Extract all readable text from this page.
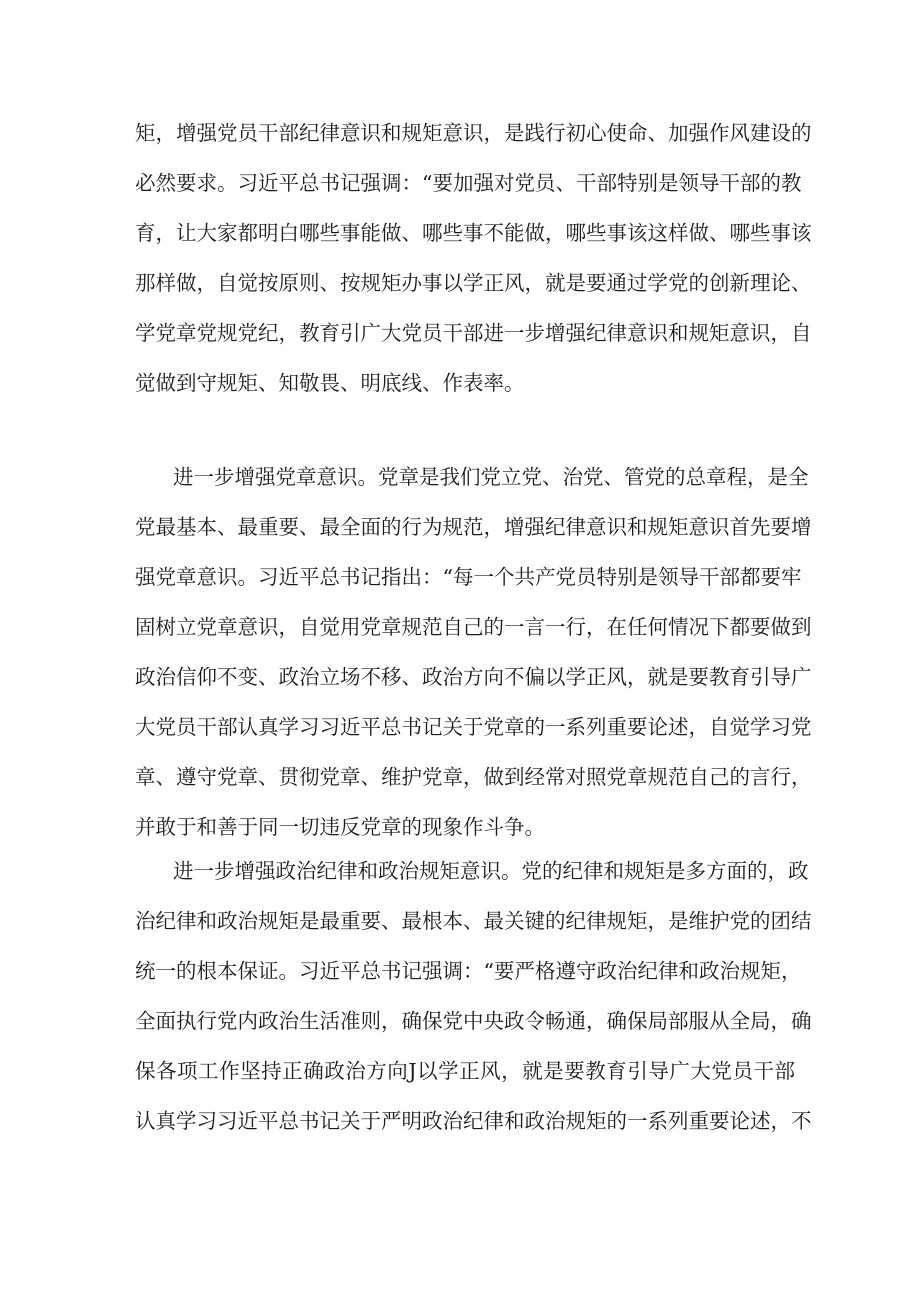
矩，增强党员干部纪律意识和规矩意识，是践行初心使命、加强作风建设的
必然要求。习近平总书记强调：“要加强对党员、干部特别是领导干部的教
育，让大家都明白哪些事能做、哪些事不能做，哪些事该这样做、哪些事该
那样做，自觉按原则、按规矩办事以学正风，就是要通过学党的创新理论、
学党章党规党纪，教育引广大党员干部进一步增强纪律意识和规矩意识，自
觉做到守规矩、知敬畏、明底线、作表率。
进一步增强党章意识。党章是我们党立党、治党、管党的总章程，是全
党最基本、最重要、最全面的行为规范，增强纪律意识和规矩意识首先要增
强党章意识。习近平总书记指出：“每一个共产党员特别是领导干部都要牢
固树立党章意识，自觉用党章规范自己的一言一行，在任何情况下都要做到
政治信仰不变、政治立场不移、政治方向不偏以学正风，就是要教育引导广
大党员干部认真学习习近平总书记关于党章的一系列重要论述，自觉学习党
章、遵守党章、贯彻党章、维护党章，做到经常对照党章规范自己的言行，
并敢于和善于同一切违反党章的现象作斗争。
进一步增强政治纪律和政治规矩意识。党的纪律和规矩是多方面的，政
治纪律和政治规矩是最重要、最根本、最关键的纪律规矩，是维护党的团结
统一的根本保证。习近平总书记强调：“要严格遵守政治纪律和政治规矩，
全面执行党内政治生活准则，确保党中央政令畅通，确保局部服从全局，确
保各项工作坚持正确政治方向J以学正风，就是要教育引导广大党员干部
认真学习习近平总书记关于严明政治纪律和政治规矩的一系列重要论述，不
